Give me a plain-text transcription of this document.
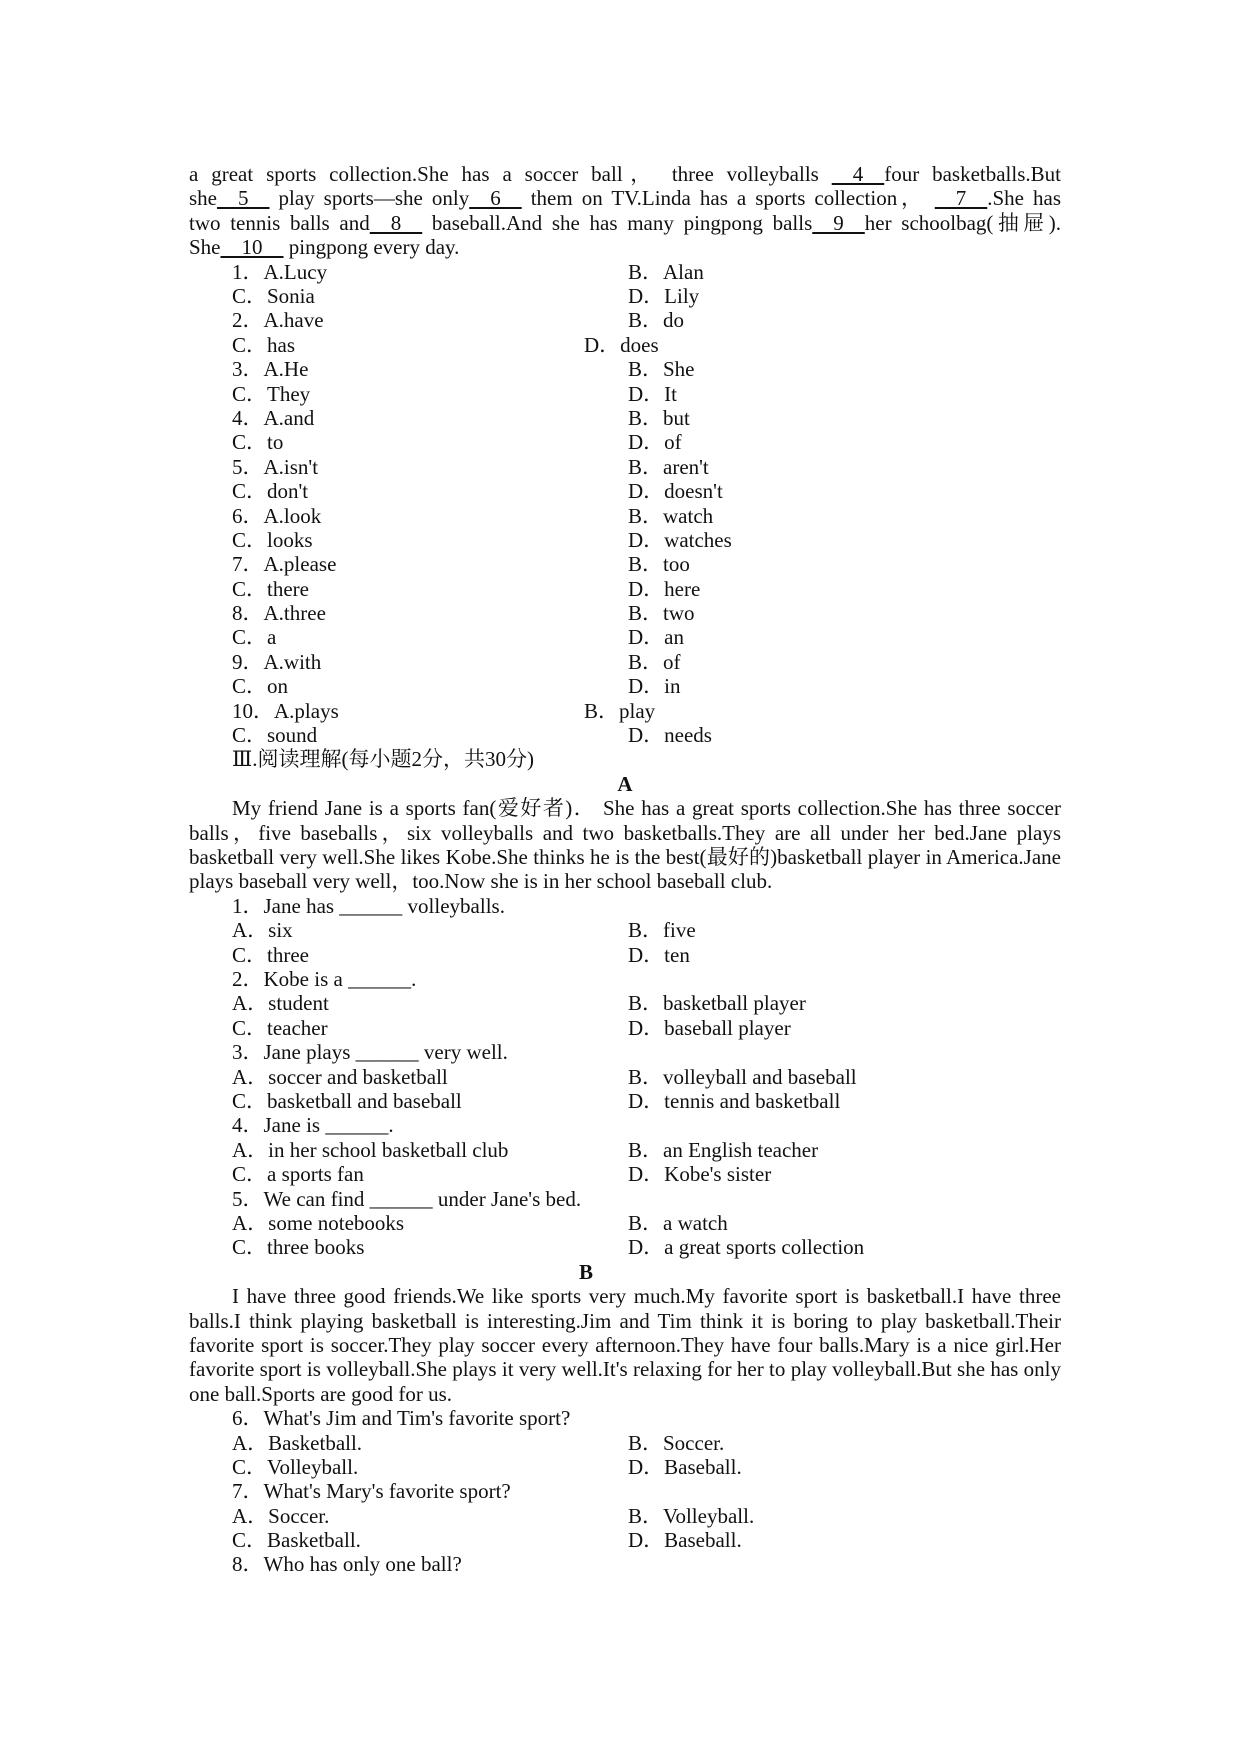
a great sports collection.She has a soccer ball， three volleyballs   4  four basketballs.But

she  5   play sports—she only  6   them on TV.Linda has a sports collection，   7  .She has

two tennis balls and  8   baseball.And she has many pingpong balls  9  her schoolbag(抽屉).

She  10   pingpong every day.

1．A.Lucy	B．Alan
C．Sonia	D．Lily
2．A.have	B．do
C．has	D．does
3．A.He	B．She
C．They	D．It
4．A.and	B．but
C．to	D．of
5．A.isn't	B．aren't
C．don't	D．doesn't
6．A.look	B．watch
C．looks	D．watches
7．A.please	B．too
C．there	D．here
8．A.three	B．two
C．a	D．an
9．A.with	B．of
C．on	D．in
10．A.plays	B．play
C．sound	D．needs
Ⅲ.阅读理解(每小题2分，共30分)
A

My friend Jane is a sports fan(爱好者)． She has a great sports collection.She has three soccer balls，five baseballs，six volleyballs and two basketballs.They are all under her bed.Jane plays basketball very well.She likes Kobe.She thinks he is the best(最好的)basketball player in America.Jane plays baseball very well，too.Now she is in her school baseball club.

1．Jane has ______ volleyballs.
A．six	B．five
C．three	D．ten
2．Kobe is a ______.
A．student	B．basketball player
C．teacher	D．baseball player
3．Jane plays ______ very well.
A．soccer and basketball	B．volleyball and baseball
C．basketball and baseball	D．tennis and basketball
4．Jane is ______.
A．in her school basketball club	B．an English teacher
C．a sports fan	D．Kobe's sister
5．We can find ______ under Jane's bed.
A．some notebooks	B．a watch
C．three books	D．a great sports collection
B

I have three good friends.We like sports very much.My favorite sport is basketball.I have three balls.I think playing basketball is interesting.Jim and Tim think it is boring to play basketball.Their favorite sport is soccer.They play soccer every afternoon.They have four balls.Mary is a nice girl.Her favorite sport is volleyball.She plays it very well.It's relaxing for her to play volleyball.But she has only one ball.Sports are good for us.

6．What's Jim and Tim's favorite sport?
A．Basketball.	B．Soccer.
C．Volleyball.	D．Baseball.
7．What's Mary's favorite sport?
A．Soccer.	B．Volleyball.
C．Basketball.	D．Baseball.
8．Who has only one ball?
